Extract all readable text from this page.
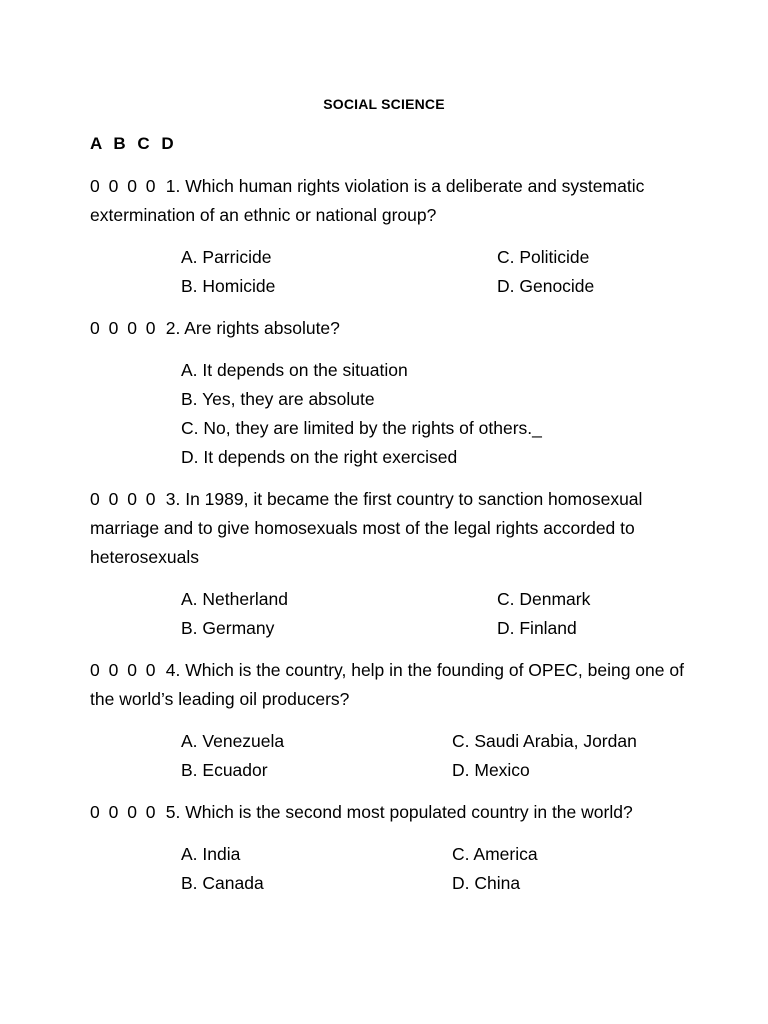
SOCIAL SCIENCE
A B C D
0 0 0 0 1. Which human rights violation is a deliberate and systematic extermination of an ethnic or national group?
A. Parricide
B. Homicide
C. Politicide
D. Genocide
0 0 0 0 2. Are rights absolute?
A. It depends on the situation
B. Yes, they are absolute
C. No, they are limited by the rights of others._
D. It depends on the right exercised
0 0 0 0 3. In 1989, it became the first country to sanction homosexual marriage and to give homosexuals most of the legal rights accorded to heterosexuals
A. Netherland
B. Germany
C. Denmark
D. Finland
0 0 0 0 4. Which is the country, help in the founding of OPEC, being one of the world’s leading oil producers?
A. Venezuela
B. Ecuador
C. Saudi Arabia, Jordan
D. Mexico
0 0 0 0 5. Which is the second most populated country in the world?
A. India
B. Canada
C. America
D. China
